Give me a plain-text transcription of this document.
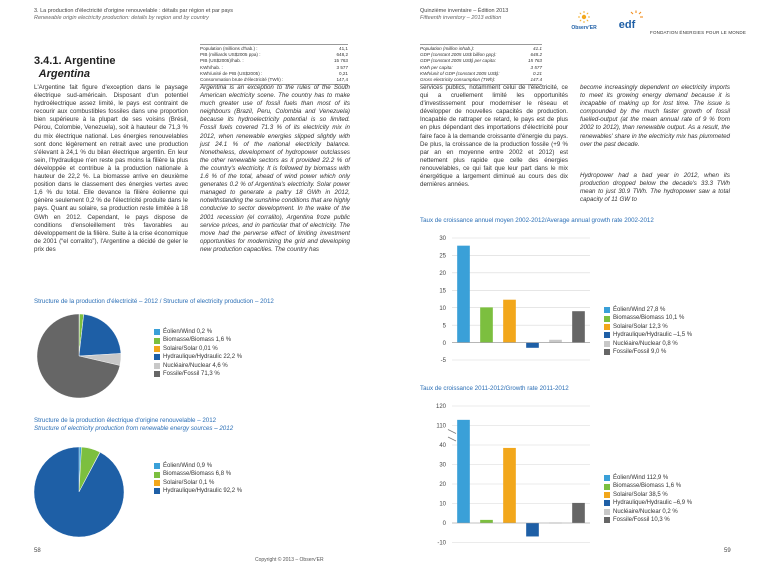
3. La production d'électricité d'origine renouvelable : détails par région et par pays
Renewable origin electricity production: details by region and by country
Quinzième inventaire – Édition 2013
Fifteenth inventory – 2013 edition
Observ'ER edf
FONDATION ÉNERGIES POUR LE MONDE
3.4.1. Argentine
Argentina
Population (millions d'hab.) :	41,1
PIB (milliards US$2005 ppa) :	648,2
PIB (US$2005)/hab. :	15 763
KWh/hab. :	3 577
KWh/unité de PIB (US$2005) :	0,21
Consommation brute d'électricité (TWh) :	147,4
Population (million inhab.):	41.1
GDP (constant 2005 US$ billion ppp):	648.2
GDP (constant 2005 US$) per capita:	15 763
KWh per capita:	3 577
KWh/unit of GDP (constant 2005 US$):	0.21
Gross electricity consumption (TWh):	147.4
L'Argentine fait figure d'exception dans le paysage électrique sud-américain. Disposant d'un potentiel hydroélectrique assez limité, le pays est contraint de recourir aux combustibles fossiles dans une proportion bien supérieure à la plupart de ses voisins (Brésil, Pérou, Colombie, Venezuela), soit à hauteur de 71,3 % du mix électrique national. Les énergies renouvelables sont donc légèrement en retrait avec une production s'élevant à 24,1 % du bilan électrique argentin. En leur sein, l'hydraulique n'en reste pas moins la filière la plus développée et contribue à la production nationale à hauteur de 22,2 %. La biomasse arrive en deuxième position dans le classement des énergies vertes avec 1,6 % du total. Elle devance la filière éolienne qui génère seulement 0,2 % de l'électricité produite dans le pays. Quant au solaire, sa production reste limitée à 18 GWh en 2012. Cependant, le pays dispose de conditions d'ensoleillement très favorables au développement de la filière. Suite à la crise économique de 2001 (“el corralito”), l'Argentine a décidé de geler le prix des
Argentina is an exception to the rules of the South American electricity scene. The country has to make much greater use of fossil fuels than most of its neighbours (Brazil, Peru, Colombia and Venezuela) because its hydroelectricity potential is so limited. Fossil fuels covered 71.3 % of its electricity mix in 2012, when renewable energies slipped slightly with just 24.1 % of the national electricity balance. Nonetheless, development of hydropower outclasses the other renewable sectors as it provided 22.2 % of the country's electricity. It is followed by biomass with 1.6 % of the total, ahead of wind power which only generates 0.2 % of Argentina's electricity. Solar power managed to generate a paltry 18 GWh in 2012, notwithstanding the sunshine conditions that are highly conducive to sector development. In the wake of the 2001 recession (el corralito), Argentina froze public service prices, and in particular that of electricity. The move had the perverse effect of limiting investment opportunities for modernizing the grid and developing new production capacities. The country has
services publics, notamment celui de l'électricité, ce qui a cruellement limité les opportunités d'investissement pour moderniser le réseau et développer de nouvelles capacités de production. Incapable de rattraper ce retard, le pays est de plus en plus dépendant des importations d'électricité pour faire face à la demande croissante d'énergie du pays. De plus, la croissance de la production fossile (+9 % par an en moyenne entre 2002 et 2012) est nettement plus rapide que celle des énergies renouvelables, ce qui fait que leur part dans le mix énergétique a largement diminué au cours des dix dernières années.
become increasingly dependent on electricity imports to meet its growing energy demand because it is incapable of making up for lost time. The issue is compounded by the much faster growth of fossil fuelled-output (at the mean annual rate of 9 % from 2002 to 2012), than renewable output. As a result, the renewables' share in the electricity mix has plummeted over the past decade.
Hydropower had a bad year in 2012, when its production dropped below the decade's 33.3 TWh mean to just 30.9 TWh. The hydropower saw a total capacity of 11 GW to
Structure de la production d'électricité – 2012 / Structure of electricity production – 2012
Éolien/Wind 0,2 %
Biomasse/Biomass 1,6 %
Solaire/Solar 0,01 %
Hydraulique/Hydraulic 22,2 %
Nucléaire/Nuclear 4,6 %
Fossile/Fossil 71,3 %
Structure de la production électrique d'origine renouvelable – 2012
Structure of electricity production from renewable energy sources – 2012
Éolien/Wind 0,9 %
Biomasse/Biomass 6,8 %
Solaire/Solar 0,1 %
Hydraulique/Hydraulic 92,2 %
Taux de croissance annuel moyen 2002-2012/Average annual growth rate 2002-2012
30
25
20
15
10
5
0
-5
Éolien/Wind 27,8 %
Biomasse/Biomass 10,1 %
Solaire/Solar 12,3 %
Hydraulique/Hydraulic –1,5 %
Nucléaire/Nuclear 0,8 %
Fossile/Fossil 9,0 %
Taux de croissance 2011-2012/Growth rate 2011-2012
120
110
40
30
20
10
0
-10
Éolien/Wind 112,9 %
Biomasse/Biomass 1,6 %
Solaire/Solar 38,5 %
Hydraulique/Hydraulic –6,9 %
Nucléaire/Nuclear 0,2 %
Fossile/Fossil 10,3 %
58
Copyright © 2013 – Observ'ER
59
